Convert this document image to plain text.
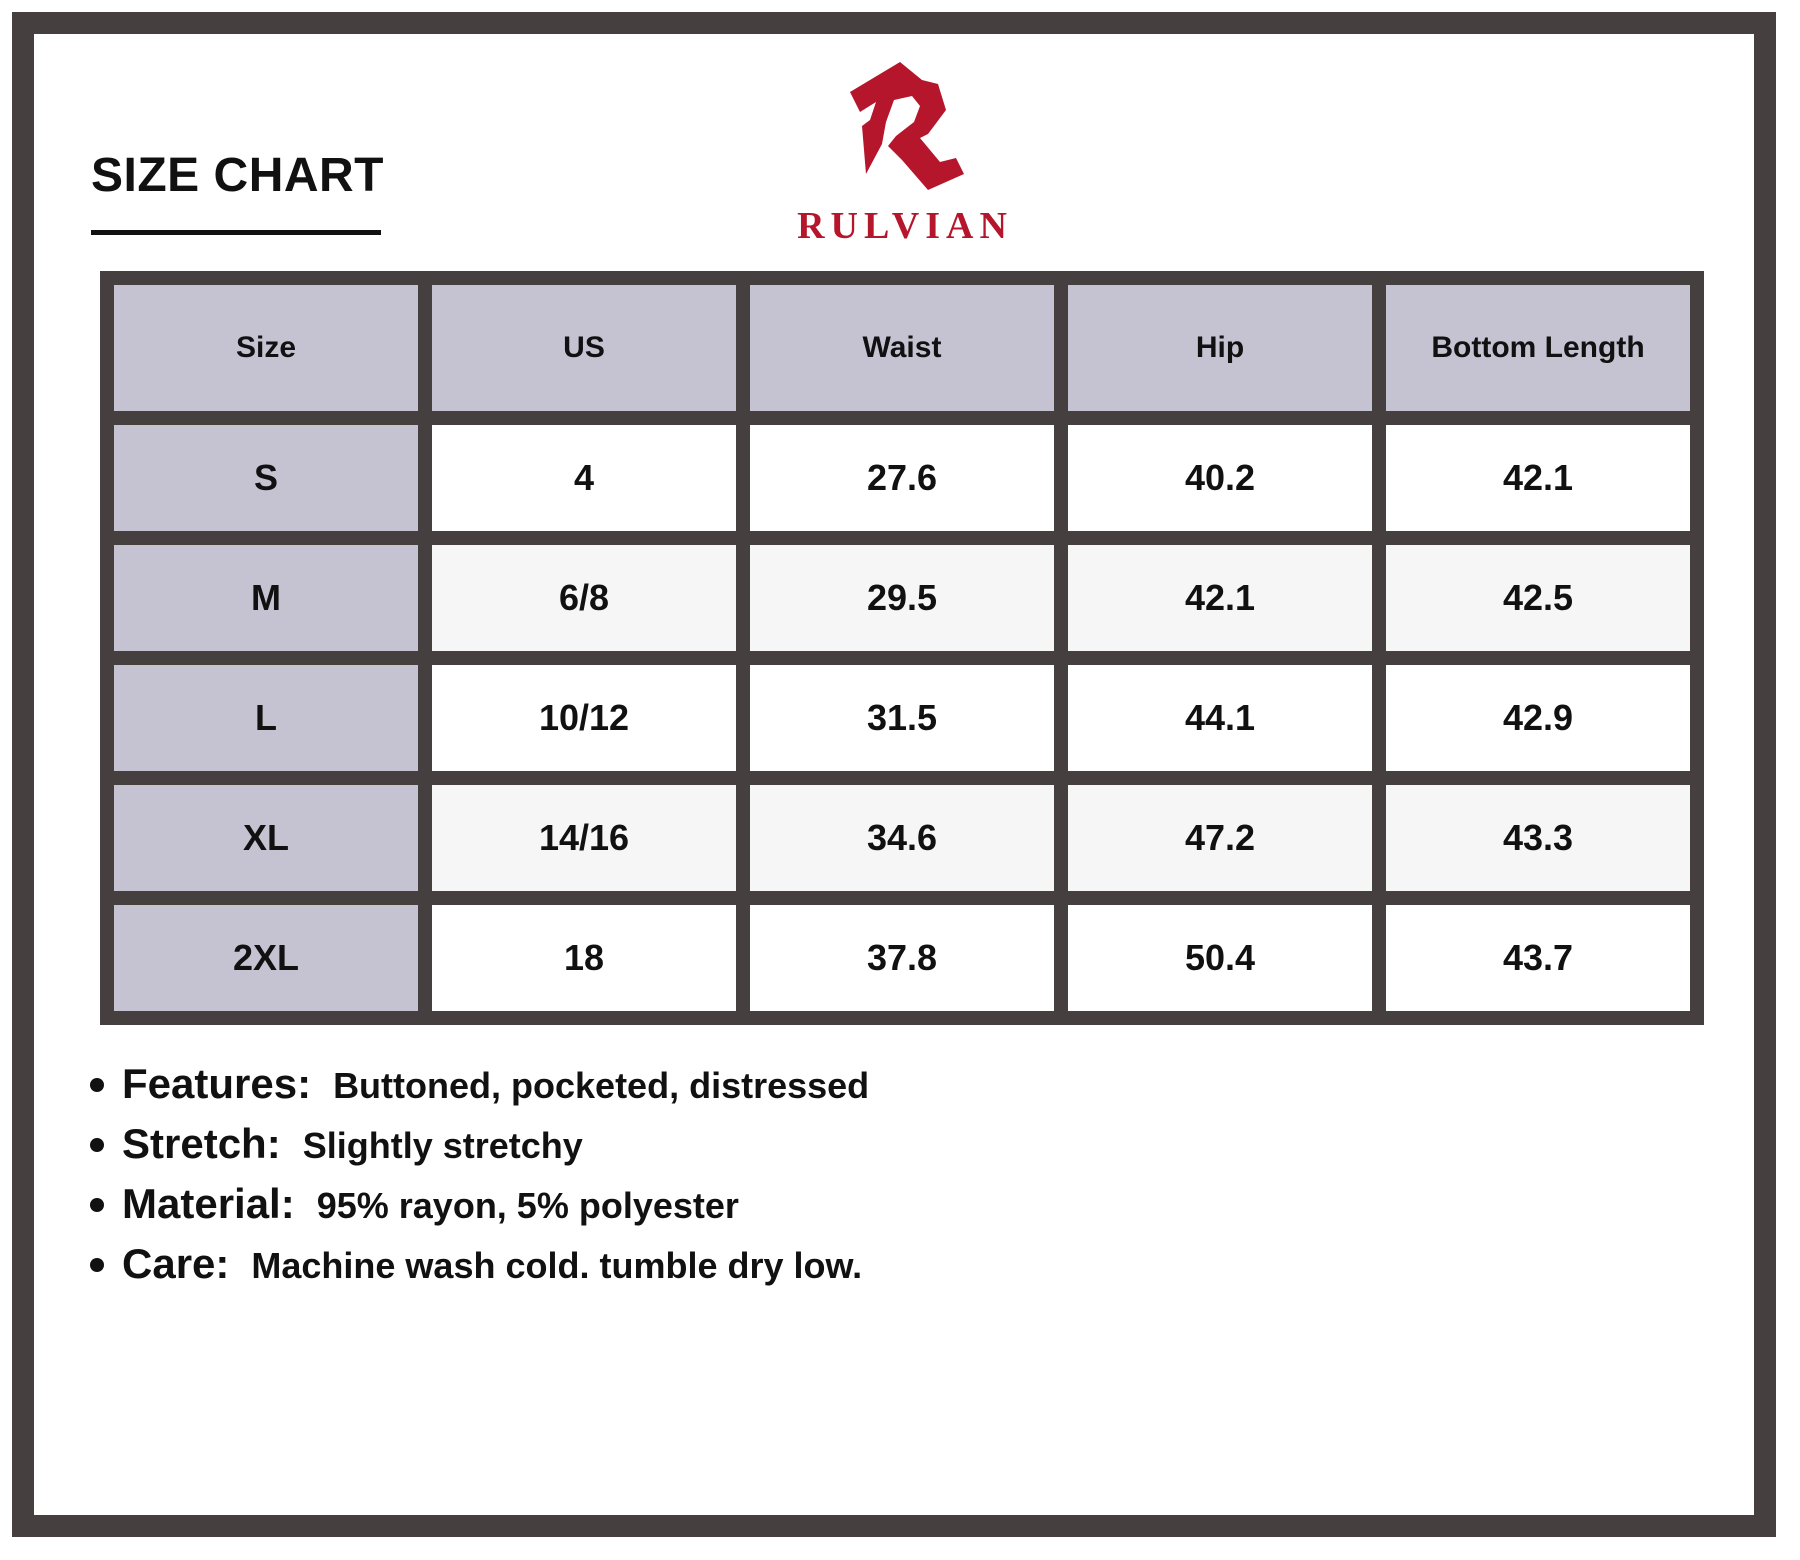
SIZE CHART
RULVIAN
Size	US	Waist	Hip	Bottom Length
S	4	27.6	40.2	42.1
M	6/8	29.5	42.1	42.5
L	10/12	31.5	44.1	42.9
XL	14/16	34.6	47.2	43.3
2XL	18	37.8	50.4	43.7
Features: Buttoned, pocketed, distressed
Stretch: Slightly stretchy
Material: 95% rayon, 5% polyester
Care: Machine wash cold. tumble dry low.
